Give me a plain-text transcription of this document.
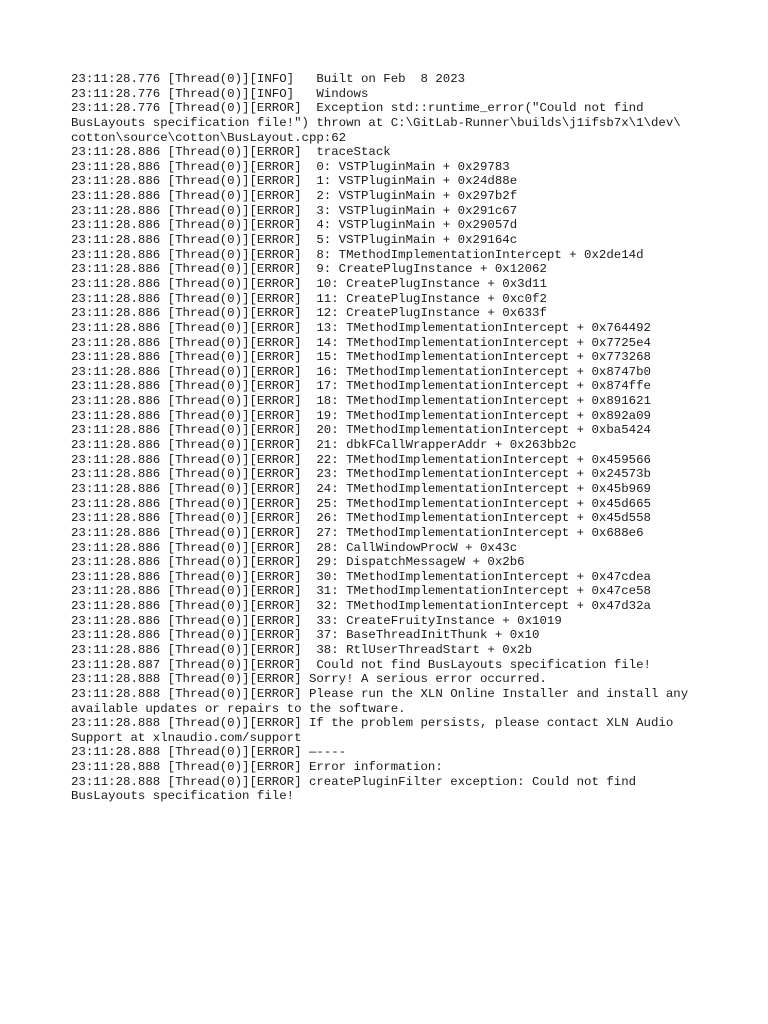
23:11:28.776 [Thread(0)][INFO]   Built on Feb  8 2023
23:11:28.776 [Thread(0)][INFO]   Windows
23:11:28.776 [Thread(0)][ERROR]  Exception std::runtime_error("Could not find
BusLayouts specification file!") thrown at C:\GitLab-Runner\builds\j1ifsb7x\1\dev\
cotton\source\cotton\BusLayout.cpp:62
23:11:28.886 [Thread(0)][ERROR]  traceStack
23:11:28.886 [Thread(0)][ERROR]  0: VSTPluginMain + 0x29783
23:11:28.886 [Thread(0)][ERROR]  1: VSTPluginMain + 0x24d88e
23:11:28.886 [Thread(0)][ERROR]  2: VSTPluginMain + 0x297b2f
23:11:28.886 [Thread(0)][ERROR]  3: VSTPluginMain + 0x291c67
23:11:28.886 [Thread(0)][ERROR]  4: VSTPluginMain + 0x29057d
23:11:28.886 [Thread(0)][ERROR]  5: VSTPluginMain + 0x29164c
23:11:28.886 [Thread(0)][ERROR]  8: TMethodImplementationIntercept + 0x2de14d
23:11:28.886 [Thread(0)][ERROR]  9: CreatePlugInstance + 0x12062
23:11:28.886 [Thread(0)][ERROR]  10: CreatePlugInstance + 0x3d11
23:11:28.886 [Thread(0)][ERROR]  11: CreatePlugInstance + 0xc0f2
23:11:28.886 [Thread(0)][ERROR]  12: CreatePlugInstance + 0x633f
23:11:28.886 [Thread(0)][ERROR]  13: TMethodImplementationIntercept + 0x764492
23:11:28.886 [Thread(0)][ERROR]  14: TMethodImplementationIntercept + 0x7725e4
23:11:28.886 [Thread(0)][ERROR]  15: TMethodImplementationIntercept + 0x773268
23:11:28.886 [Thread(0)][ERROR]  16: TMethodImplementationIntercept + 0x8747b0
23:11:28.886 [Thread(0)][ERROR]  17: TMethodImplementationIntercept + 0x874ffe
23:11:28.886 [Thread(0)][ERROR]  18: TMethodImplementationIntercept + 0x891621
23:11:28.886 [Thread(0)][ERROR]  19: TMethodImplementationIntercept + 0x892a09
23:11:28.886 [Thread(0)][ERROR]  20: TMethodImplementationIntercept + 0xba5424
23:11:28.886 [Thread(0)][ERROR]  21: dbkFCallWrapperAddr + 0x263bb2c
23:11:28.886 [Thread(0)][ERROR]  22: TMethodImplementationIntercept + 0x459566
23:11:28.886 [Thread(0)][ERROR]  23: TMethodImplementationIntercept + 0x24573b
23:11:28.886 [Thread(0)][ERROR]  24: TMethodImplementationIntercept + 0x45b969
23:11:28.886 [Thread(0)][ERROR]  25: TMethodImplementationIntercept + 0x45d665
23:11:28.886 [Thread(0)][ERROR]  26: TMethodImplementationIntercept + 0x45d558
23:11:28.886 [Thread(0)][ERROR]  27: TMethodImplementationIntercept + 0x688e6
23:11:28.886 [Thread(0)][ERROR]  28: CallWindowProcW + 0x43c
23:11:28.886 [Thread(0)][ERROR]  29: DispatchMessageW + 0x2b6
23:11:28.886 [Thread(0)][ERROR]  30: TMethodImplementationIntercept + 0x47cdea
23:11:28.886 [Thread(0)][ERROR]  31: TMethodImplementationIntercept + 0x47ce58
23:11:28.886 [Thread(0)][ERROR]  32: TMethodImplementationIntercept + 0x47d32a
23:11:28.886 [Thread(0)][ERROR]  33: CreateFruityInstance + 0x1019
23:11:28.886 [Thread(0)][ERROR]  37: BaseThreadInitThunk + 0x10
23:11:28.886 [Thread(0)][ERROR]  38: RtlUserThreadStart + 0x2b
23:11:28.887 [Thread(0)][ERROR]  Could not find BusLayouts specification file!
23:11:28.888 [Thread(0)][ERROR] Sorry! A serious error occurred.
23:11:28.888 [Thread(0)][ERROR] Please run the XLN Online Installer and install any
available updates or repairs to the software.
23:11:28.888 [Thread(0)][ERROR] If the problem persists, please contact XLN Audio
Support at xlnaudio.com/support
23:11:28.888 [Thread(0)][ERROR] —----
23:11:28.888 [Thread(0)][ERROR] Error information:
23:11:28.888 [Thread(0)][ERROR] createPluginFilter exception: Could not find
BusLayouts specification file!
